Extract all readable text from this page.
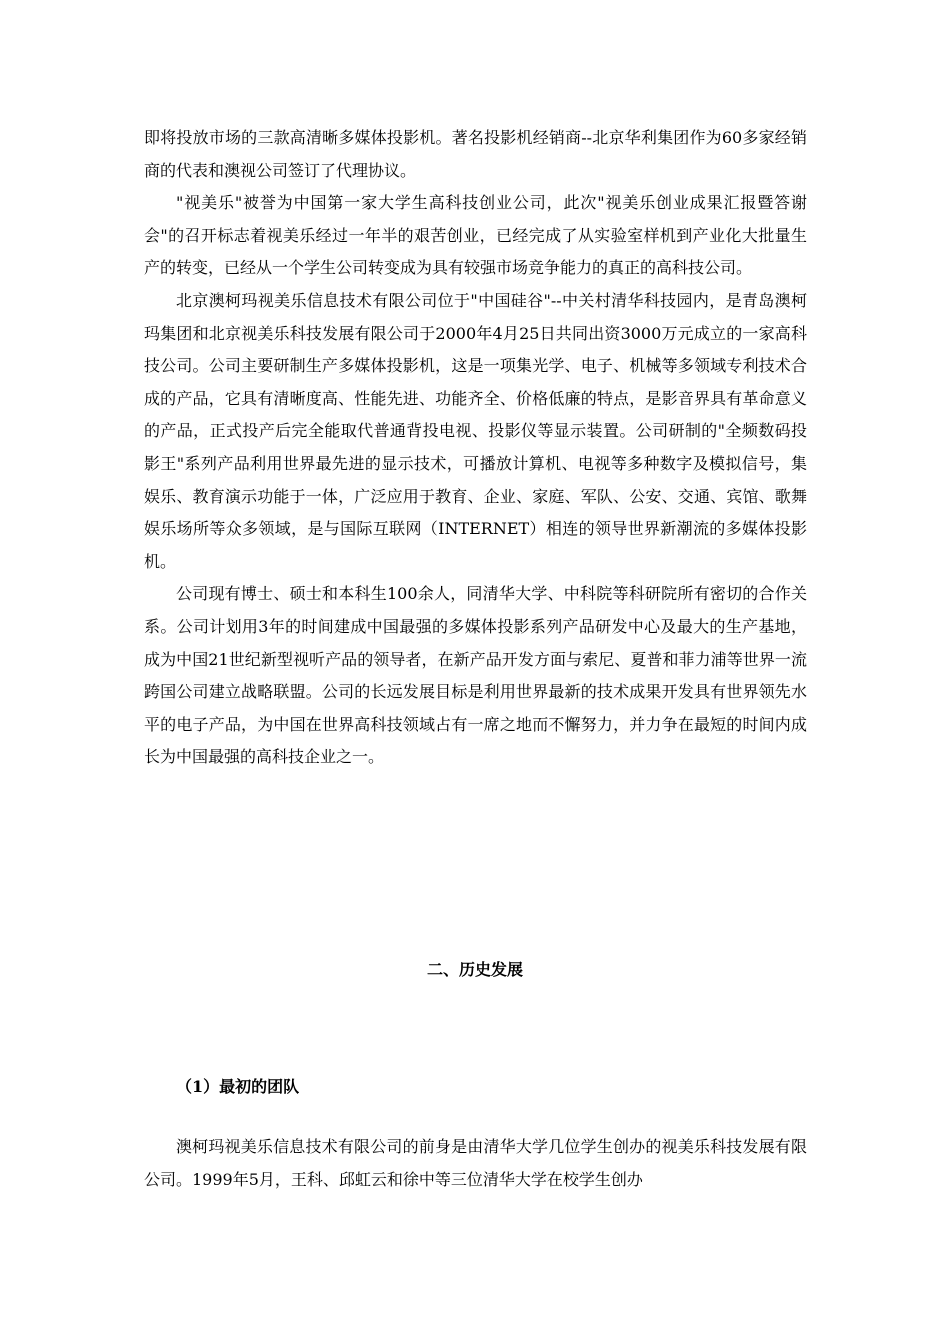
即将投放市场的三款高清晰多媒体投影机。著名投影机经销商--北京华利集团作为60多家经销商的代表和澳视公司签订了代理协议。

"视美乐"被誉为中国第一家大学生高科技创业公司，此次"视美乐创业成果汇报暨答谢会"的召开标志着视美乐经过一年半的艰苦创业，已经完成了从实验室样机到产业化大批量生产的转变，已经从一个学生公司转变成为具有较强市场竞争能力的真正的高科技公司。

北京澳柯玛视美乐信息技术有限公司位于"中国硅谷"--中关村清华科技园内，是青岛澳柯玛集团和北京视美乐科技发展有限公司于2000年4月25日共同出资3000万元成立的一家高科技公司。公司主要研制生产多媒体投影机，这是一项集光学、电子、机械等多领域专利技术合成的产品，它具有清晰度高、性能先进、功能齐全、价格低廉的特点，是影音界具有革命意义的产品，正式投产后完全能取代普通背投电视、投影仪等显示装置。公司研制的"全频数码投影王"系列产品利用世界最先进的显示技术，可播放计算机、电视等多种数字及模拟信号，集娱乐、教育演示功能于一体，广泛应用于教育、企业、家庭、军队、公安、交通、宾馆、歌舞娱乐场所等众多领域，是与国际互联网（INTERNET）相连的领导世界新潮流的多媒体投影机。

公司现有博士、硕士和本科生100余人，同清华大学、中科院等科研院所有密切的合作关系。公司计划用3年的时间建成中国最强的多媒体投影系列产品研发中心及最大的生产基地，成为中国21世纪新型视听产品的领导者，在新产品开发方面与索尼、夏普和菲力浦等世界一流跨国公司建立战略联盟。公司的长远发展目标是利用世界最新的技术成果开发具有世界领先水平的电子产品，为中国在世界高科技领域占有一席之地而不懈努力，并力争在最短的时间内成长为中国最强的高科技企业之一。

二、历史发展
（1）最初的团队

澳柯玛视美乐信息技术有限公司的前身是由清华大学几位学生创办的视美乐科技发展有限公司。1999年5月，王科、邱虹云和徐中等三位清华大学在校学生创办
